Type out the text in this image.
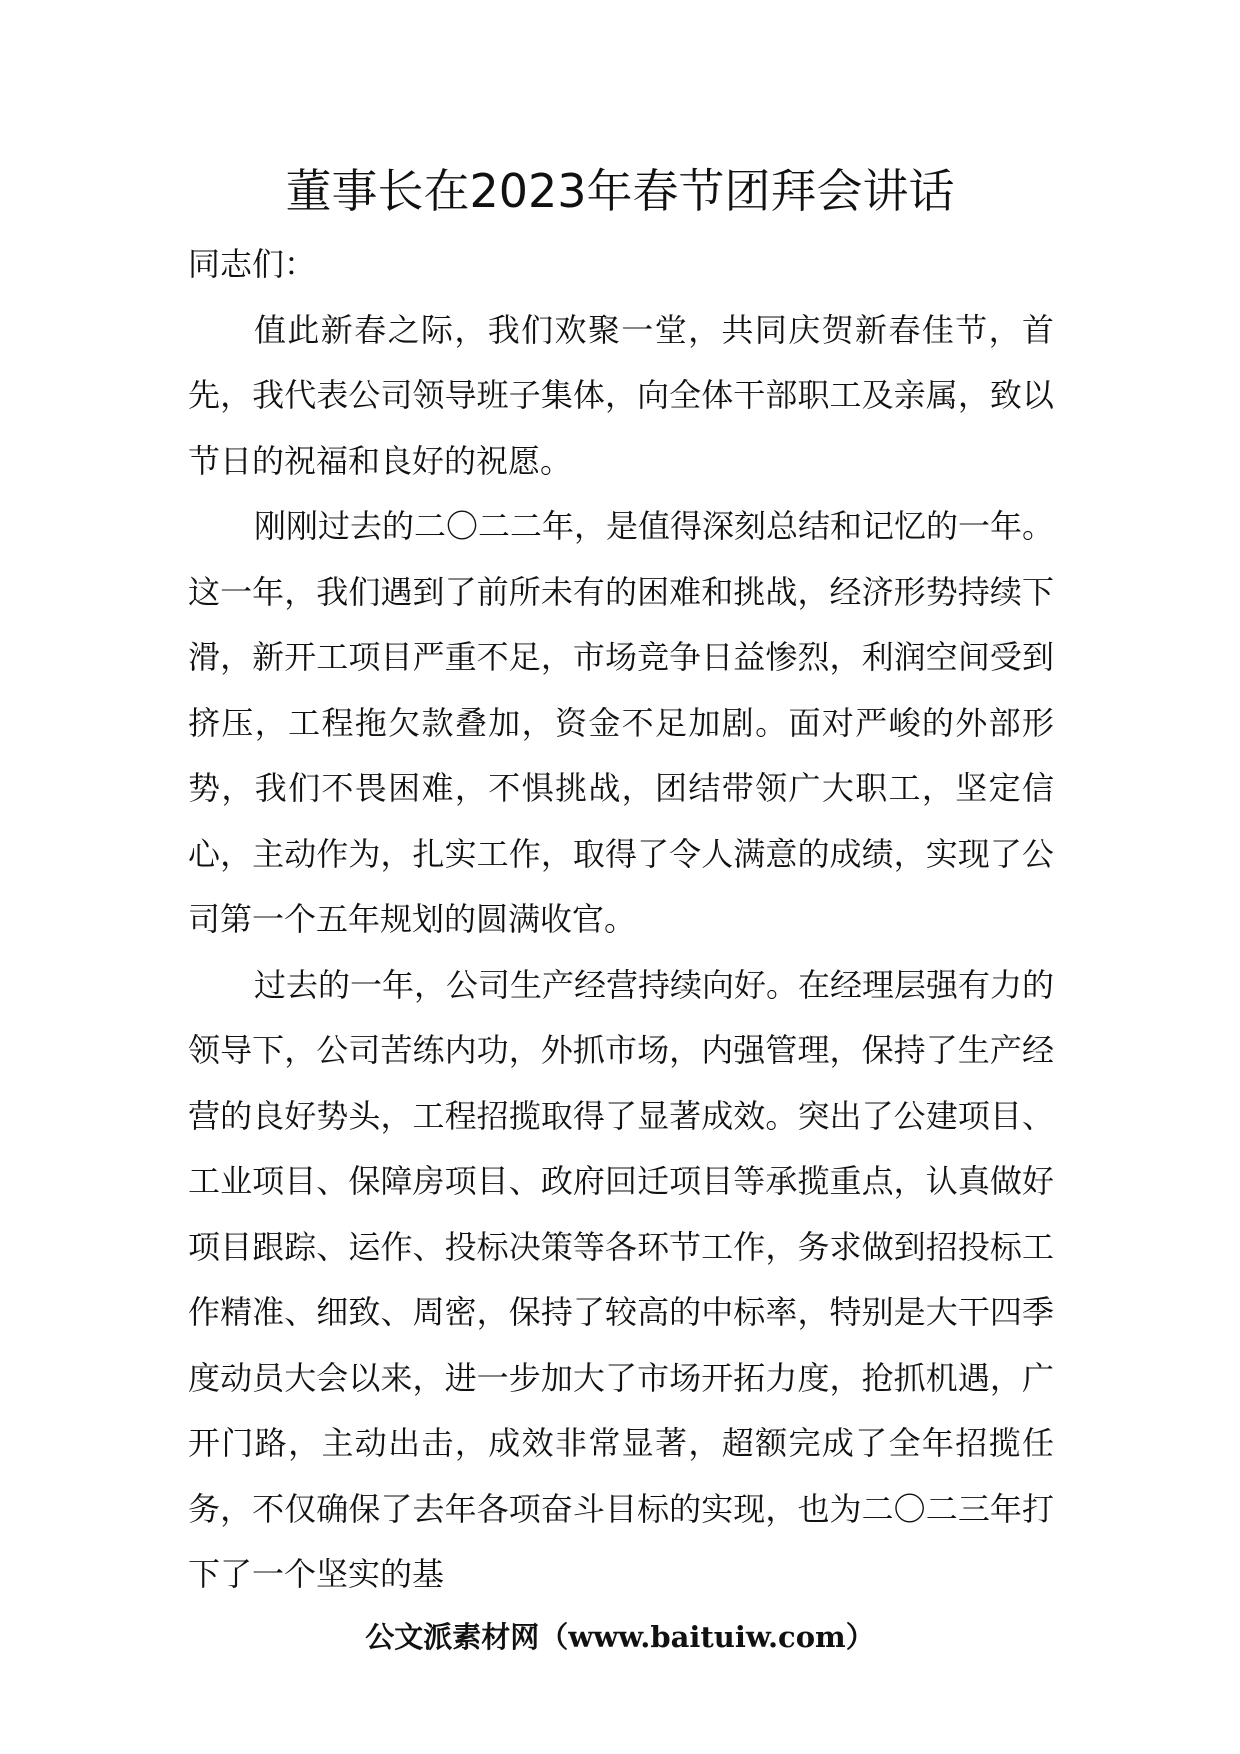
董事长在2023年春节团拜会讲话

同志们：

值此新春之际，我们欢聚一堂，共同庆贺新春佳节，首先，我代表公司领导班子集体，向全体干部职工及亲属，致以节日的祝福和良好的祝愿。

刚刚过去的二〇二二年，是值得深刻总结和记忆的一年。这一年，我们遇到了前所未有的困难和挑战，经济形势持续下滑，新开工项目严重不足，市场竞争日益惨烈，利润空间受到挤压，工程拖欠款叠加，资金不足加剧。面对严峻的外部形势，我们不畏困难，不惧挑战，团结带领广大职工，坚定信心，主动作为，扎实工作，取得了令人满意的成绩，实现了公司第一个五年规划的圆满收官。

过去的一年，公司生产经营持续向好。在经理层强有力的领导下，公司苦练内功，外抓市场，内强管理，保持了生产经营的良好势头，工程招揽取得了显著成效。突出了公建项目、工业项目、保障房项目、政府回迁项目等承揽重点，认真做好项目跟踪、运作、投标决策等各环节工作，务求做到招投标工作精准、细致、周密，保持了较高的中标率，特别是大干四季度动员大会以来，进一步加大了市场开拓力度，抢抓机遇，广开门路，主动出击，成效非常显著，超额完成了全年招揽任务，不仅确保了去年各项奋斗目标的实现，也为二〇二三年打下了一个坚实的基

公文派素材网（www.baituiw.com）
